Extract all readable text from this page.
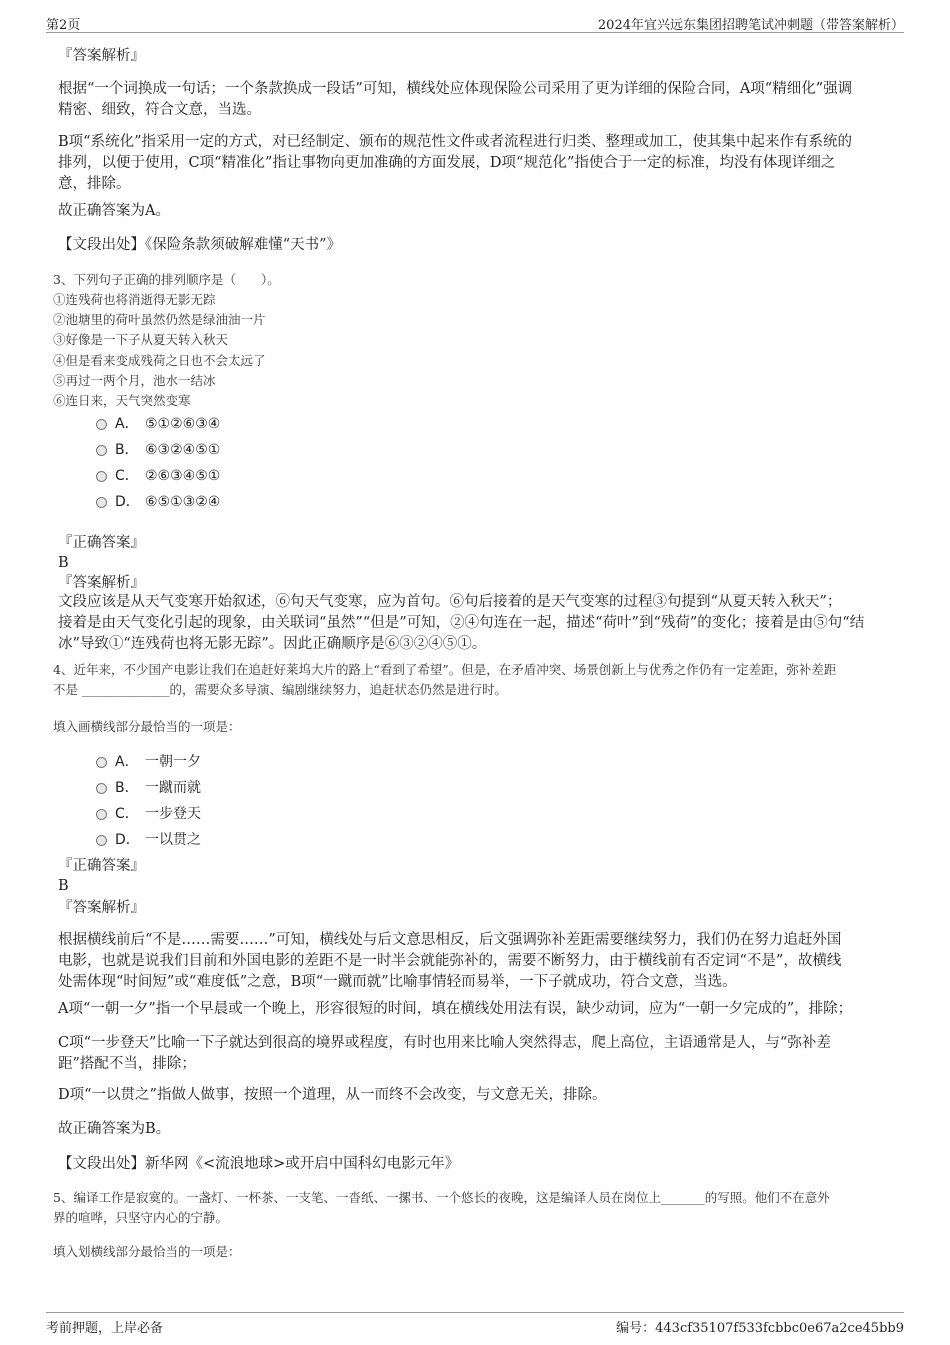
第2页	2024年宜兴远东集团招聘笔试冲刺题（带答案解析）
『答案解析』
根据“一个词换成一句话；一个条款换成一段话”可知，横线处应体现保险公司采用了更为详细的保险合同，A项“精细化”强调
精密、细致，符合文意，当选。
B项“系统化”指采用一定的方式，对已经制定、颁布的规范性文件或者流程进行归类、整理或加工，使其集中起来作有系统的
排列，以便于使用，C项“精准化”指让事物向更加准确的方面发展，D项“规范化”指使合于一定的标准，均没有体现详细之
意，排除。
故正确答案为A。
【文段出处】《保险条款须破解难懂“天书”》
3、下列句子正确的排列顺序是（　　）。
①连残荷也将消逝得无影无踪
②池塘里的荷叶虽然仍然是绿油油一片
③好像是一下子从夏天转入秋天
④但是看来变成残荷之日也不会太远了
⑤再过一两个月，池水一结冰
⑥连日来，天气突然变寒
A． ⑤①②⑥③④
B． ⑥③②④⑤①
C． ②⑥③④⑤①
D． ⑥⑤①③②④
『正确答案』
B
『答案解析』
文段应该是从天气变寒开始叙述，⑥句天气变寒，应为首句。⑥句后接着的是天气变寒的过程③句提到“从夏天转入秋天”；
接着是由天气变化引起的现象，由关联词“虽然”“但是”可知，②④句连在一起，描述“荷叶”到“残荷”的变化；接着是由⑤句“结
冰”导致①“连残荷也将无影无踪”。因此正确顺序是⑥③②④⑤①。
4、近年来，不少国产电影让我们在追赶好莱坞大片的路上“看到了希望”。但是，在矛盾冲突、场景创新上与优秀之作仍有一定差距，弥补差距
不是 ______________的，需要众多导演、编剧继续努力，追赶状态仍然是进行时。
填入画横线部分最恰当的一项是：
A． 一朝一夕
B． 一蹴而就
C． 一步登天
D． 一以贯之
『正确答案』
B
『答案解析』
根据横线前后“不是……需要……”可知，横线处与后文意思相反，后文强调弥补差距需要继续努力，我们仍在努力追赶外国
电影，也就是说我们目前和外国电影的差距不是一时半会就能弥补的，需要不断努力，由于横线前有否定词“不是”，故横线
处需体现“时间短”或“难度低”之意，B项“一蹴而就”比喻事情轻而易举，一下子就成功，符合文意，当选。
A项“一朝一夕”指一个早晨或一个晚上，形容很短的时间，填在横线处用法有误，缺少动词，应为“一朝一夕完成的”，排除；
C项“一步登天”比喻一下子就达到很高的境界或程度，有时也用来比喻人突然得志，爬上高位，主语通常是人，与“弥补差
距”搭配不当，排除；
D项“一以贯之”指做人做事，按照一个道理，从一而终不会改变，与文意无关，排除。
故正确答案为B。
【文段出处】新华网《<流浪地球>或开启中国科幻电影元年》
5、编译工作是寂寞的。一盏灯、一杯茶、一支笔、一沓纸、一摞书、一个悠长的夜晚，这是编译人员在岗位上_______的写照。他们不在意外
界的喧哗，只坚守内心的宁静。
填入划横线部分最恰当的一项是：
考前押题，上岸必备	编号：443cf35107f533fcbbc0e67a2ce45bb9
